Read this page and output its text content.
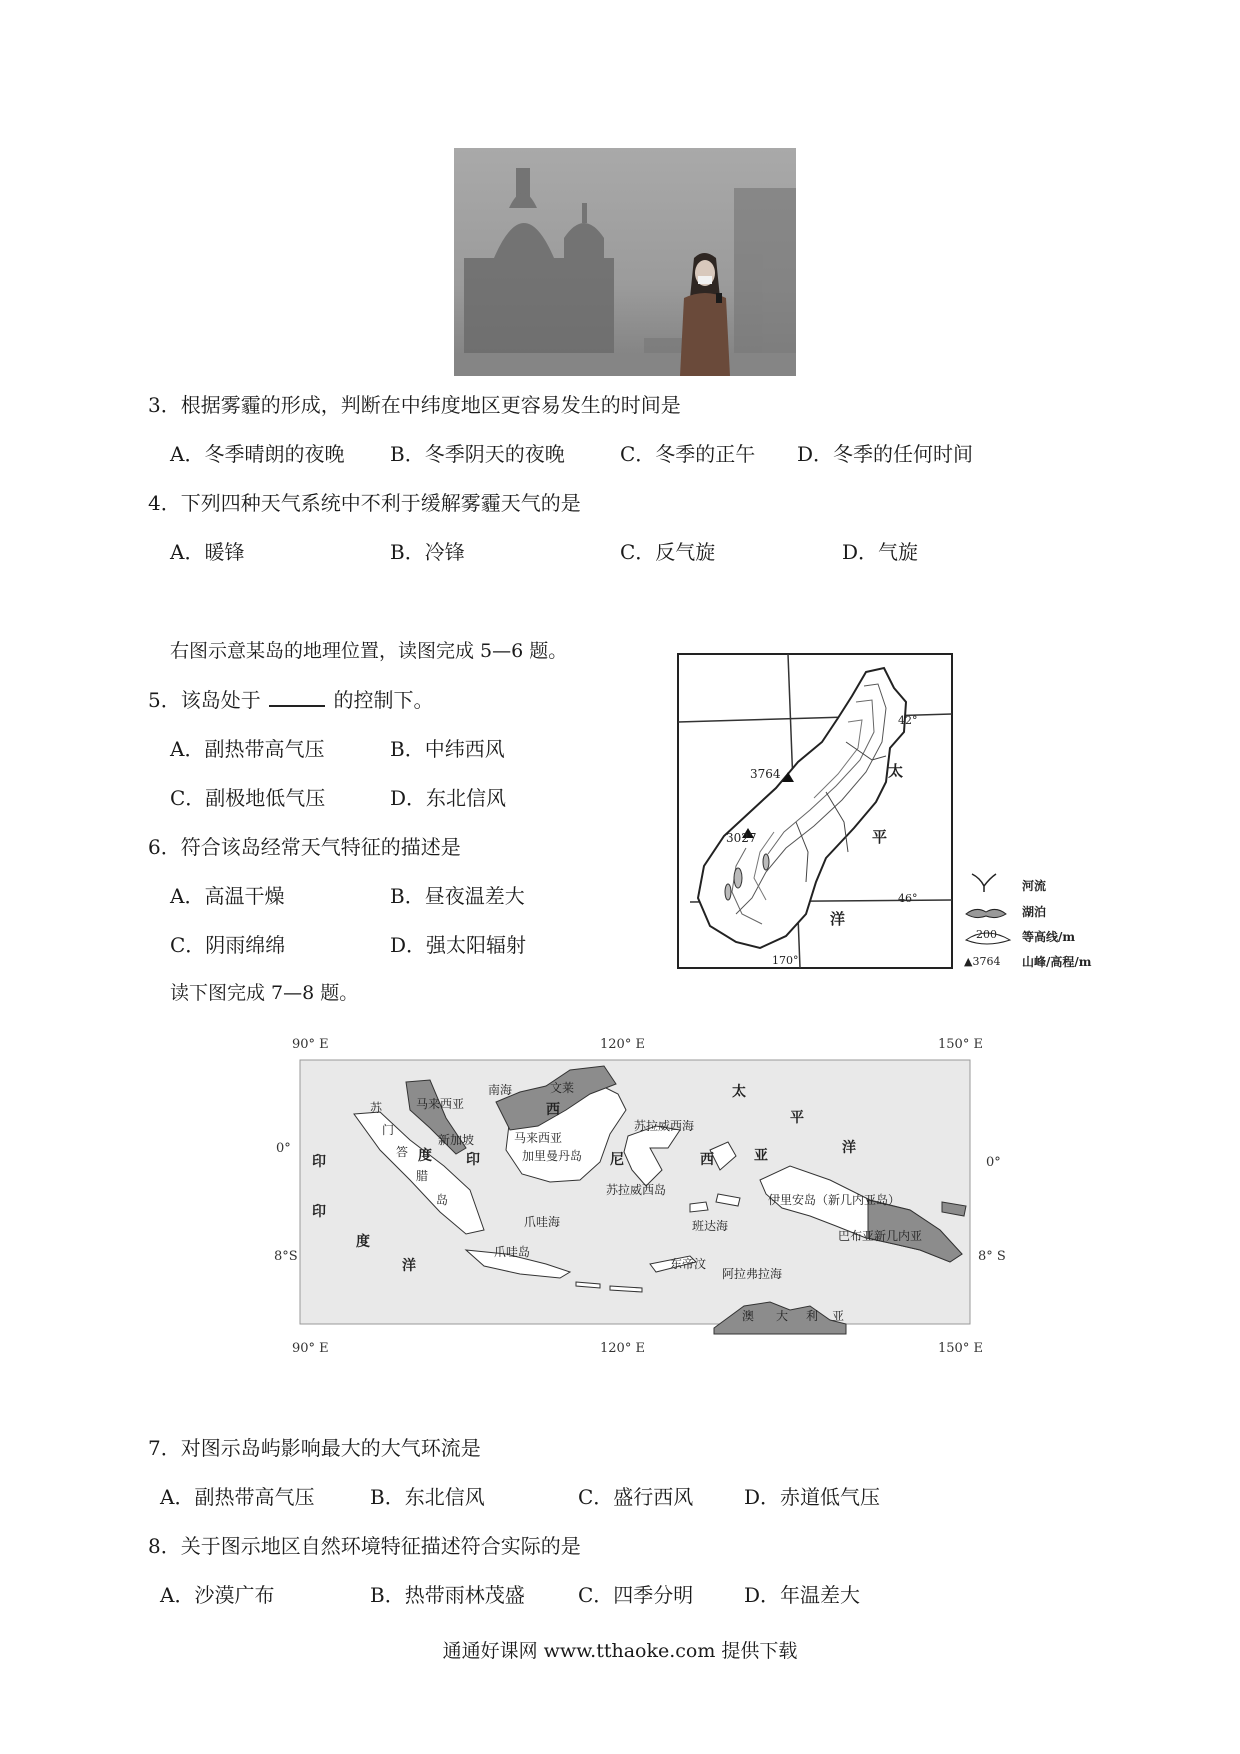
3．根据雾霾的形成，判断在中纬度地区更容易发生的时间是
A．冬季晴朗的夜晚 B．冬季阴天的夜晚	C．冬季的正午 D．冬季的任何时间
4．下列四种天气系统中不利于缓解雾霾天气的是
A．暖锋	B．冷锋	C．反气旋	D．气旋
右图示意某岛的地理位置，读图完成 5—6 题。
5．该岛处于	的控制下。
A．副热带高气压	B．中纬西风
C．副极地低气压	D．东北信风
6．符合该岛经常天气特征的描述是
A．高温干燥	B．昼夜温差大
C．阴雨绵绵	D．强太阳辐射
读下图完成 7—8 题。
3764
3027
42°
46°
170°
太
平
洋
河流
湖泊
200 等高线/m
▲3764 山峰/高程/m
90° E	120° E	150° E
90° E	120° E	150° E
0°
8°S
0°
8° S
马来西亚
南海	文莱
马来西亚
苏
门
答
腊
岛
新加坡
加里曼丹岛
苏拉威西海
苏拉威西岛
爪哇海
爪哇岛
班达海
东帝汶
阿拉弗拉海
伊里安岛（新几内亚岛）
巴布亚新几内亚
印
度	尼
西
亚
西
印
印
度
洋
太
平
洋
澳 大 利 亚
7．对图示岛屿影响最大的大气环流是
A．副热带高气压	B．东北信风	C．盛行西风	D．赤道低气压
8．关于图示地区自然环境特征描述符合实际的是
A．沙漠广布	B．热带雨林茂盛	C．四季分明	D．年温差大
通通好课网 www.tthaoke.com 提供下载
